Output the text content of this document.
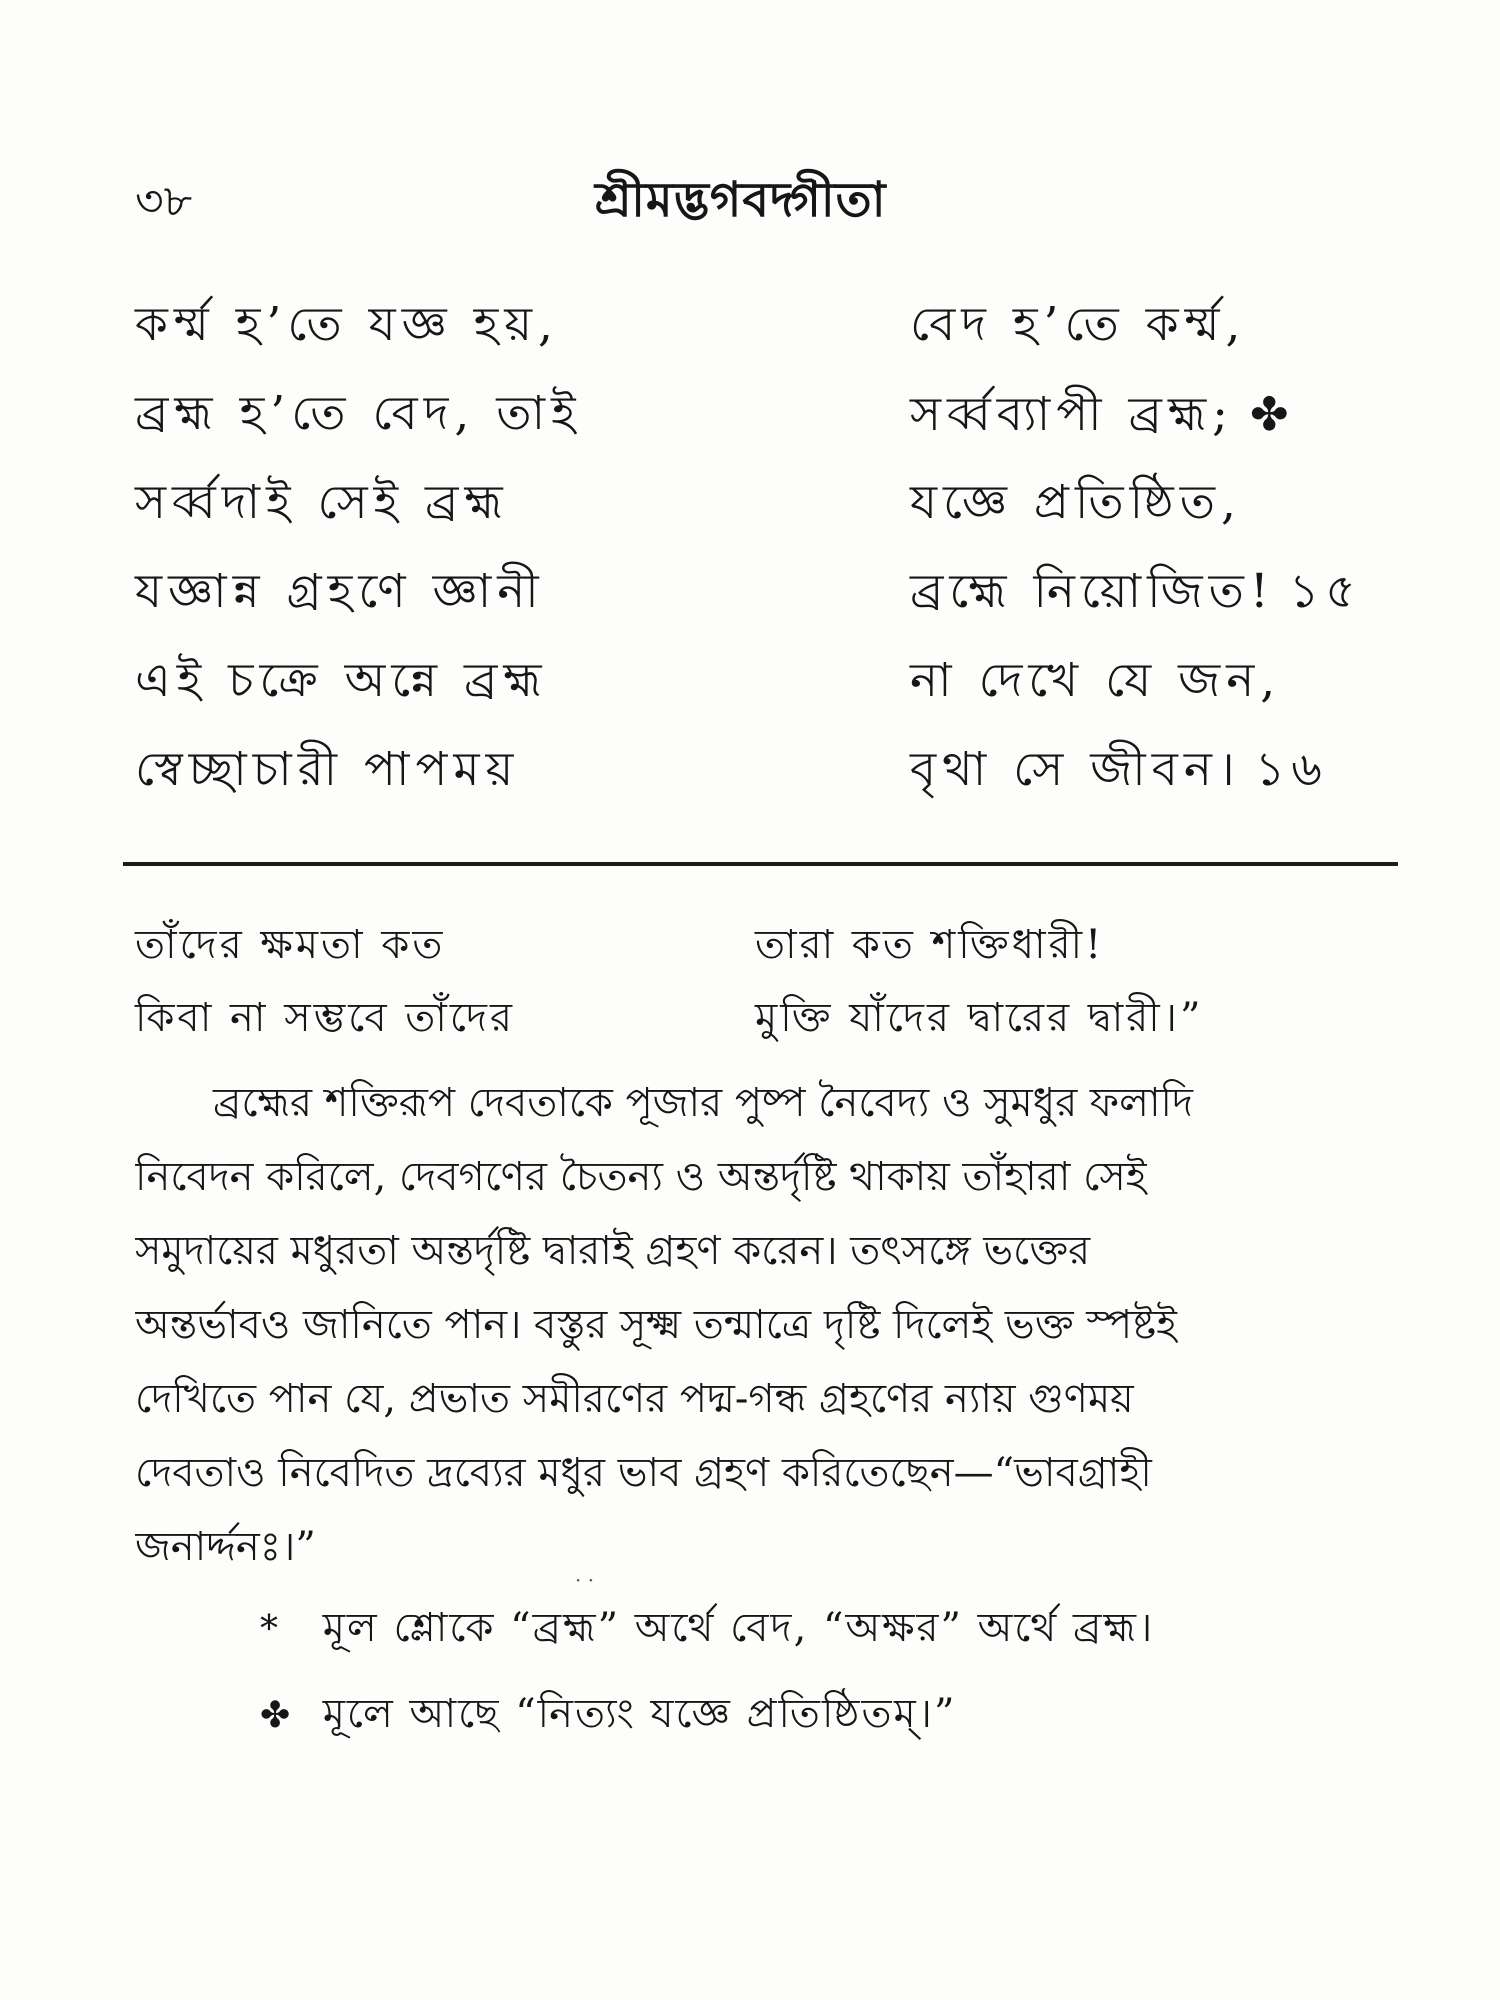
৩৮	শ্রীমদ্ভগবদ্গীতা
কর্ম্ম হ’তে যজ্ঞ হয়,	বেদ হ’তে কর্ম্ম,
ব্রহ্ম হ’তে বেদ, তাই	সর্ব্বব্যাপী ব্রহ্ম; ✤
সর্ব্বদাই সেই ব্রহ্ম	যজ্ঞে প্রতিষ্ঠিত,
যজ্ঞান্ন গ্রহণে জ্ঞানী	ব্রহ্মে নিয়োজিত! ১৫
এই চক্রে অন্নে ব্রহ্ম	না দেখে যে জন,
স্বেচ্ছাচারী পাপময়	বৃথা সে জীবন। ১৬
তাঁদের ক্ষমতা কত	তারা কত শক্তিধারী!
কিবা না সম্ভবে তাঁদের	মুক্তি যাঁদের দ্বারের দ্বারী।”
ব্রহ্মের শক্তিরূপ দেবতাকে পূজার পুষ্প নৈবেদ্য ও সুমধুর ফলাদি
নিবেদন করিলে, দেবগণের চৈতন্য ও অন্তর্দৃষ্টি থাকায় তাঁহারা সেই
সমুদায়ের মধুরতা অন্তর্দৃষ্টি দ্বারাই গ্রহণ করেন। তৎসঙ্গে ভক্তের
অন্তর্ভাবও জানিতে পান। বস্তুর সূক্ষ্ম তন্মাত্রে দৃষ্টি দিলেই ভক্ত স্পষ্টই
দেখিতে পান যে, প্রভাত সমীরণের পদ্ম-গন্ধ গ্রহণের ন্যায় গুণময়
দেবতাও নিবেদিত দ্রব্যের মধুর ভাব গ্রহণ করিতেছেন—“ভাবগ্রাহী
জনার্দ্দনঃ।”
· ·
* মূল শ্লোকে “ব্রহ্ম” অর্থে বেদ, “অক্ষর” অর্থে ব্রহ্ম।
✤ মূলে আছে “নিত্যং যজ্ঞে প্রতিষ্ঠিতম্।”
